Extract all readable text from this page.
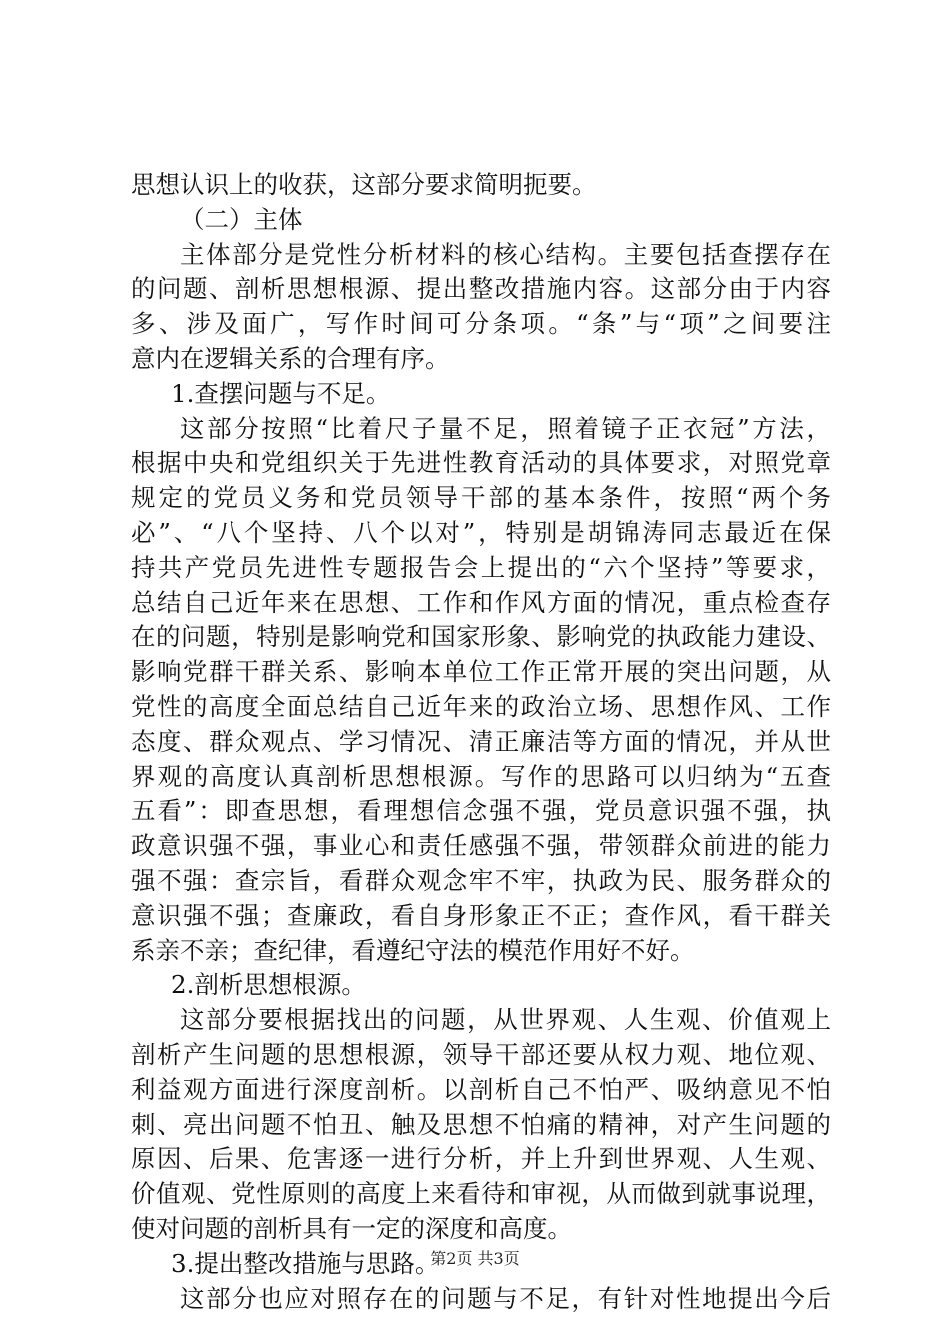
思想认识上的收获，这部分要求简明扼要。
（二）主体
主体部分是党性分析材料的核心结构。主要包括查摆存在
的问题、剖析思想根源、提出整改措施内容。这部分由于内容
多、涉及面广，写作时间可分条项。“条”与“项”之间要注
意内在逻辑关系的合理有序。
1.查摆问题与不足。
这部分按照“比着尺子量不足，照着镜子正衣冠”方法，
根据中央和党组织关于先进性教育活动的具体要求，对照党章
规定的党员义务和党员领导干部的基本条件，按照“两个务
必”、“八个坚持、八个以对”，特别是胡锦涛同志最近在保
持共产党员先进性专题报告会上提出的“六个坚持”等要求，
总结自己近年来在思想、工作和作风方面的情况，重点检查存
在的问题，特别是影响党和国家形象、影响党的执政能力建设、
影响党群干群关系、影响本单位工作正常开展的突出问题，从
党性的高度全面总结自己近年来的政治立场、思想作风、工作
态度、群众观点、学习情况、清正廉洁等方面的情况，并从世
界观的高度认真剖析思想根源。写作的思路可以归纳为“五查
五看”：即查思想，看理想信念强不强，党员意识强不强，执
政意识强不强，事业心和责任感强不强，带领群众前进的能力
强不强：查宗旨，看群众观念牢不牢，执政为民、服务群众的
意识强不强；查廉政，看自身形象正不正；查作风，看干群关
系亲不亲；查纪律，看遵纪守法的模范作用好不好。
2.剖析思想根源。
这部分要根据找出的问题，从世界观、人生观、价值观上
剖析产生问题的思想根源，领导干部还要从权力观、地位观、
利益观方面进行深度剖析。以剖析自己不怕严、吸纳意见不怕
刺、亮出问题不怕丑、触及思想不怕痛的精神，对产生问题的
原因、后果、危害逐一进行分析，并上升到世界观、人生观、
价值观、党性原则的高度上来看待和审视，从而做到就事说理，
使对问题的剖析具有一定的深度和高度。
3.提出整改措施与思路。
这部分也应对照存在的问题与不足，有针对性地提出今后
第2页 共3页
